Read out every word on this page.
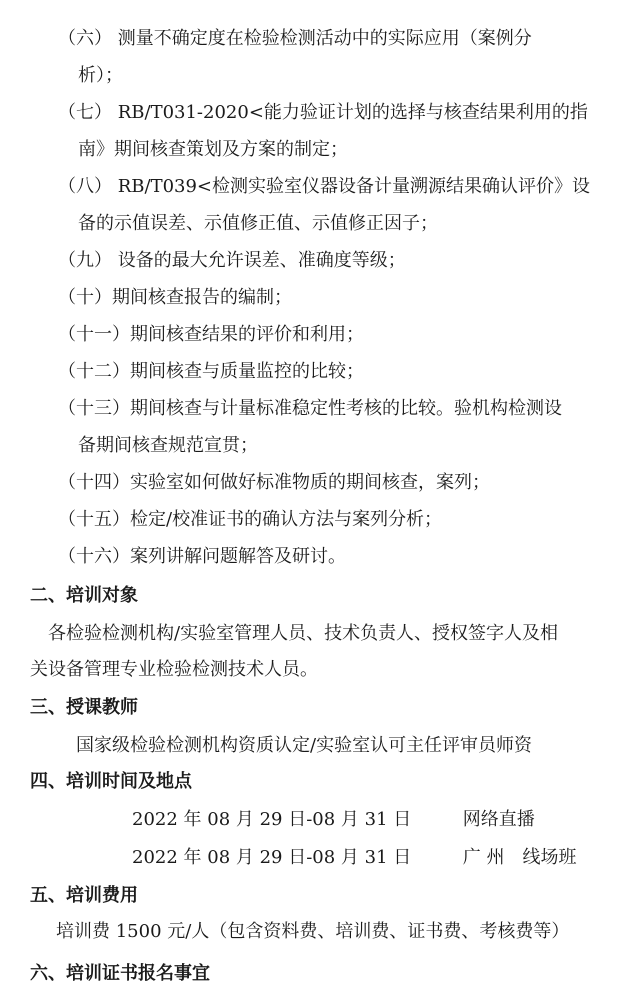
（六） 测量不确定度在检验检测活动中的实际应用（案例分
析）；
（七） RB/T031-2020<能力验证计划的选择与核查结果利用的指
南》期间核查策划及方案的制定；
（八） RB/T039<检测实验室仪器设备计量溯源结果确认评价》设
备的示值误差、示值修正值、示值修正因子；
（九） 设备的最大允许误差、准确度等级；
（十）期间核查报告的编制；
（十一）期间核查结果的评价和利用；
（十二）期间核查与质量监控的比较；
（十三）期间核查与计量标准稳定性考核的比较。验机构检测设
备期间核查规范宣贯；
（十四）实验室如何做好标准物质的期间核查，案列；
（十五）检定/校准证书的确认方法与案列分析；
（十六）案列讲解问题解答及研讨。
二、培训对象
各检验检测机构/实验室管理人员、技术负责人、授权签字人及相
关设备管理专业检验检测技术人员。
三、授课教师
国家级检验检测机构资质认定/实验室认可主任评审员师资
四、培训时间及地点
2022 年 08 月 29 日-08 月 31 日	网络直播
2022 年 08 月 29 日-08 月 31 日	广 州　线场班
五、培训费用
培训费 1500 元/人（包含资料费、培训费、证书费、考核费等）
六、培训证书报名事宜
